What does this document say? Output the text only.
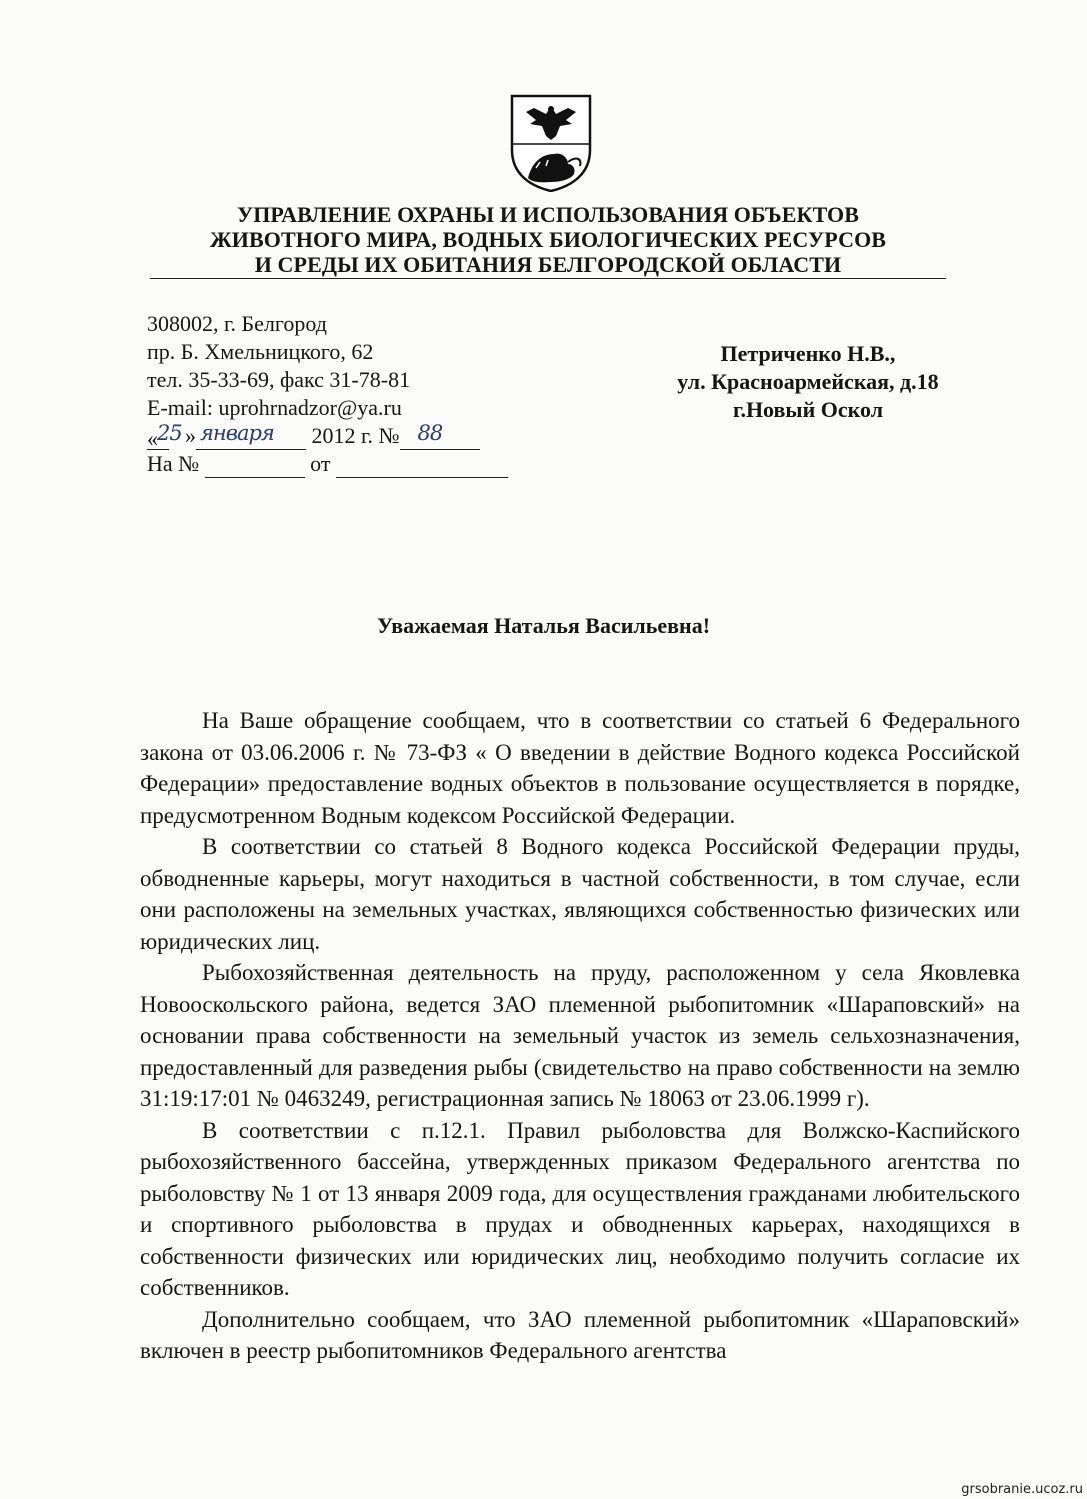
УПРАВЛЕНИЕ ОХРАНЫ И ИСПОЛЬЗОВАНИЯ ОБЪЕКТОВ
ЖИВОТНОГО МИРА, ВОДНЫХ БИОЛОГИЧЕСКИХ РЕСУРСОВ
И СРЕДЫ ИХ ОБИТАНИЯ БЕЛГОРОДСКОЙ ОБЛАСТИ
308002, г. Белгород
пр. Б. Хмельницкого, 62
тел. 35-33-69, факс 31-78-81
E-mail: uprohrnadzor@ya.ru
« 25 » января 2012 г. № 88
На №	от
Петриченко Н.В.,
ул. Красноармейская, д.18
г.Новый Оскол
Уважаемая Наталья Васильевна!

На Ваше обращение сообщаем, что в соответствии со статьей 6 Федерального закона от 03.06.2006 г. № 73-ФЗ « О введении в действие Водного кодекса Российской Федерации» предоставление водных объектов в пользование осуществляется в порядке, предусмотренном Водным кодексом Российской Федерации.

В соответствии со статьей 8 Водного кодекса Российской Федерации пруды, обводненные карьеры, могут находиться в частной собственности, в том случае, если они расположены на земельных участках, являющихся собственностью физических или юридических лиц.

Рыбохозяйственная деятельность на пруду, расположенном у села Яковлевка Новооскольского района, ведется ЗАО племенной рыбопитомник «Шараповский» на основании права собственности на земельный участок из земель сельхозназначения, предоставленный для разведения рыбы (свидетельство на право собственности на землю 31:19:17:01 № 0463249, регистрационная запись № 18063 от 23.06.1999 г).

В соответствии с п.12.1. Правил рыболовства для Волжско-Каспийского рыбохозяйственного бассейна, утвержденных приказом Федерального агентства по рыболовству № 1 от 13 января 2009 года, для осуществления гражданами любительского и спортивного рыболовства в прудах и обводненных карьерах, находящихся в собственности физических или юридических лиц, необходимо получить согласие их собственников.

Дополнительно сообщаем, что ЗАО племенной рыбопитомник «Шараповский» включен в реестр рыбопитомников Федерального агентства

grsobranie.ucoz.ru
